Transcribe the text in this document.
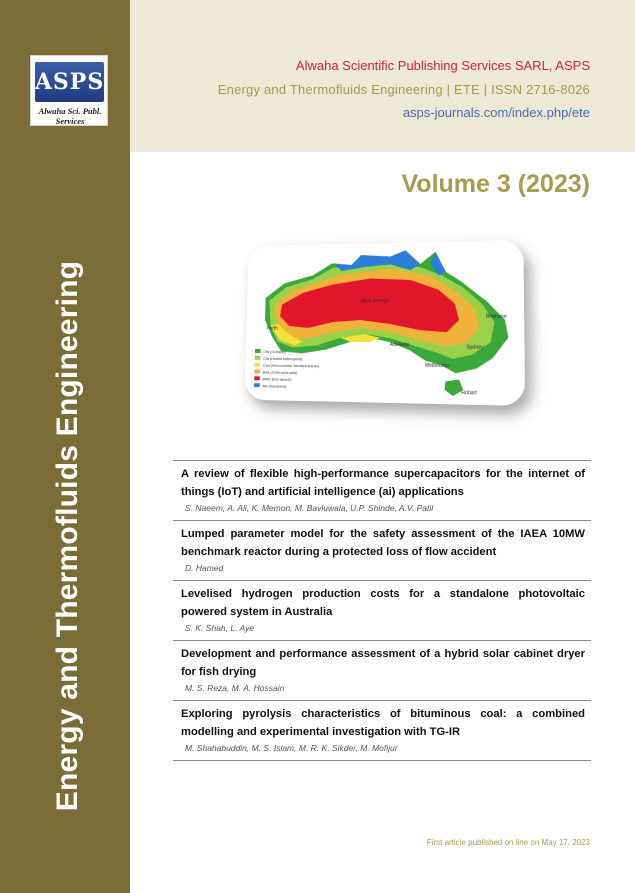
ASPS
Alwaha Sci. Publ. Services
Energy and Thermofluids Engineering
Alwaha Scientific Publishing Services SARL, ASPS
Energy and Thermofluids Engineering | ETE | ISSN 2716-8026
asps-journals.com/index.php/ete
Volume 3 (2023)
Alice Springs
Perth
Adelaide
Melbourne
Sydney
Brisbane
Hobart
Cfb (Oceanic)
Cfa (Humid subtropical)
Csa (Hot-summer Mediterranean)
BSk (Cold semi-arid)
BWh (Hot desert)
Aw (Savanna)
A review of flexible high-performance supercapacitors for the internet of things (IoT) and artificial intelligence (ai) applications
S. Naeem, A. Ali, K. Memon, M. Bavluwala, U.P. Shinde, A.V. Patil
Lumped parameter model for the safety assessment of the IAEA 10MW benchmark reactor during a protected loss of flow accident
D. Hamed
Levelised hydrogen production costs for a standalone photovoltaic powered system in Australia
S. K. Shah, L. Aye
Development and performance assessment of a hybrid solar cabinet dryer for fish drying
M. S. Reza, M. A. Hossain
Exploring pyrolysis characteristics of bituminous coal: a combined modelling and experimental investigation with TG-IR
M. Shahabuddin, M. S. Islam, M. R. K. Sikder, M. Mofijur
First article published on line on May 17, 2023
